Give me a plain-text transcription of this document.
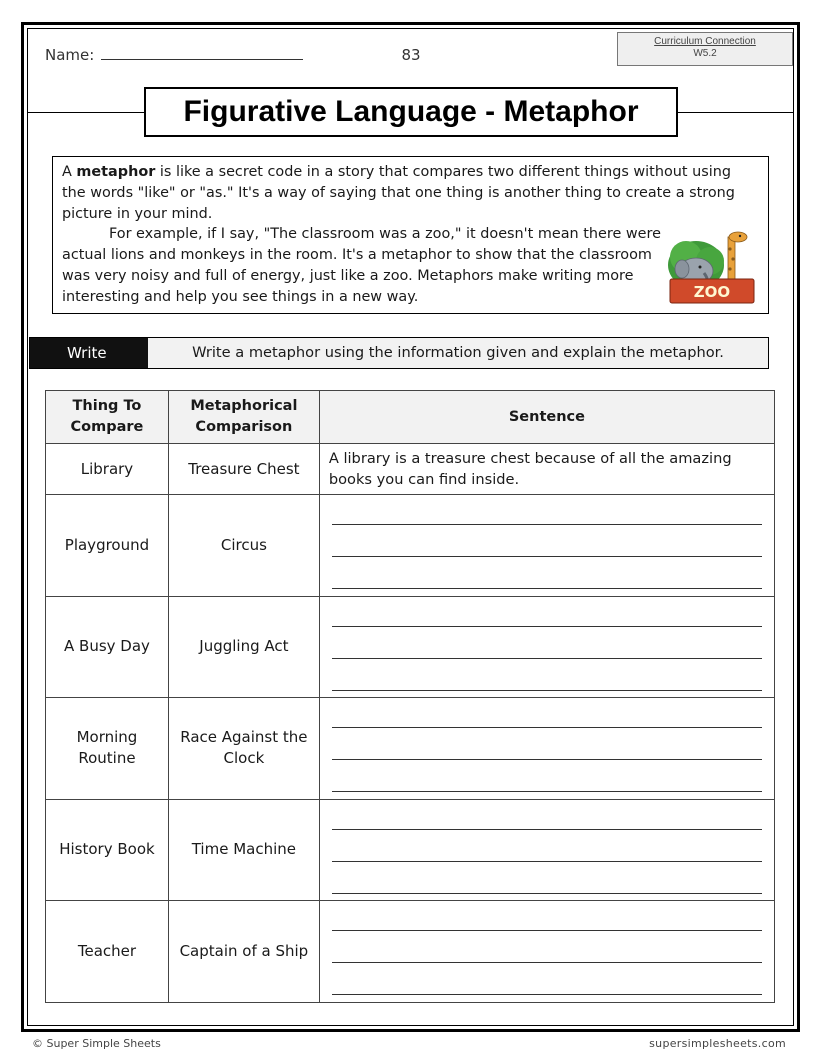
Name:	83
Curriculum Connection
W5.2
Figurative Language - Metaphor

A metaphor is like a secret code in a story that compares two different things without using the words "like" or "as." It's a way of saying that one thing is another thing to create a strong picture in your mind.

For example, if I say, "The classroom was a zoo," it doesn't mean there were actual lions and monkeys in the room. It's a metaphor to show that the classroom was very noisy and full of energy, just like a zoo. Metaphors make writing more interesting and help you see things in a new way.	ZOO
Write	Write a metaphor using the information given and explain the metaphor.
Thing To Compare	Metaphorical Comparison	Sentence
Library	Treasure Chest	A library is a treasure chest because of all the amazing books you can find inside.
Playground	Circus	

A Busy Day	Juggling Act	

Morning Routine	Race Against the Clock	

History Book	Time Machine	

Teacher	Captain of a Ship	
© Super Simple Sheets	supersimplesheets.com
